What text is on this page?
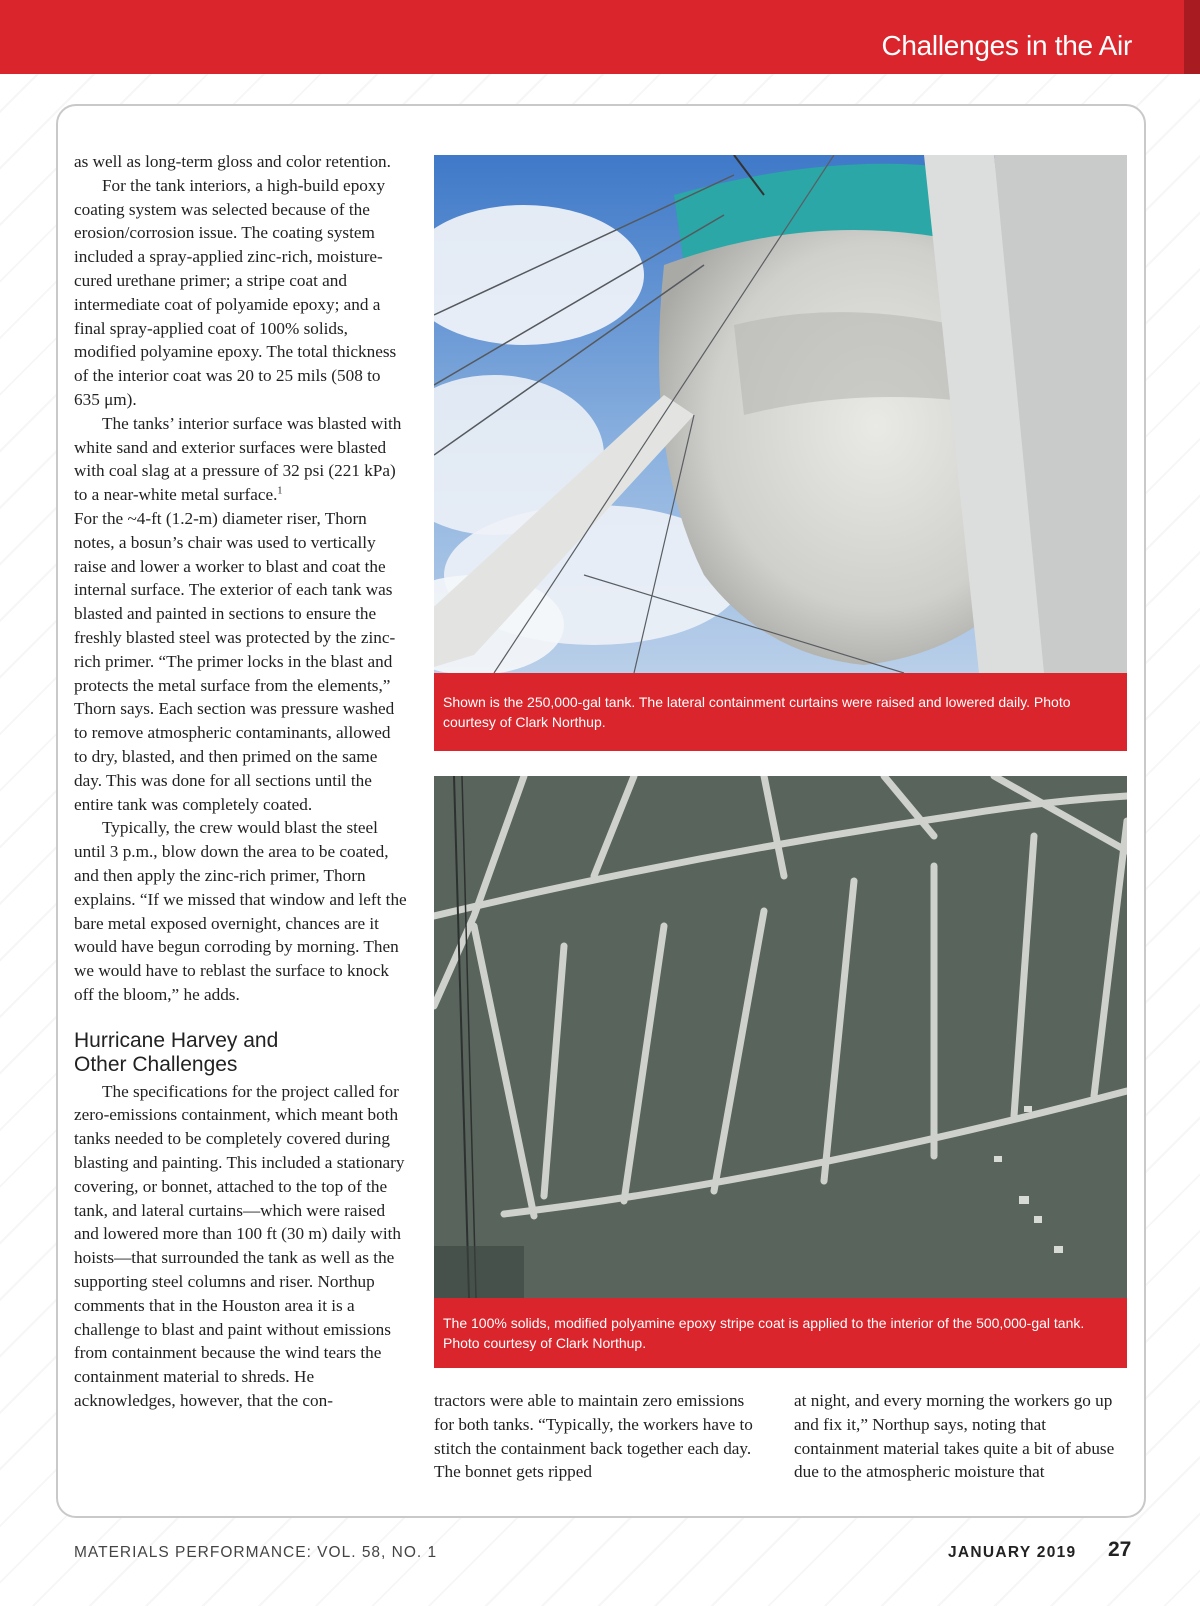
Challenges in the Air

as well as long-term gloss and color retention.

For the tank interiors, a high-build epoxy coating system was selected because of the erosion/corrosion issue. The coating system included a spray-applied zinc-rich, moisture-cured urethane primer; a stripe coat and intermediate coat of polyamide epoxy; and a final spray-applied coat of 100% solids, modified polyamine epoxy. The total thickness of the interior coat was 20 to 25 mils (508 to 635 μm).

The tanks’ interior surface was blasted with white sand and exterior surfaces were blasted with coal slag at a pressure of 32 psi (221 kPa) to a near-white metal surface.$^1$

For the ~4-ft (1.2-m) diameter riser, Thorn notes, a bosun’s chair was used to vertically raise and lower a worker to blast and coat the internal surface. The exterior of each tank was blasted and painted in sections to ensure the freshly blasted steel was protected by the zinc-rich primer. “The primer locks in the blast and protects the metal surface from the elements,” Thorn says. Each section was pressure washed to remove atmospheric contaminants, allowed to dry, blasted, and then primed on the same day. This was done for all sections until the entire tank was completely coated.

Typically, the crew would blast the steel until 3 p.m., blow down the area to be coated, and then apply the zinc-rich primer, Thorn explains. “If we missed that window and left the bare metal exposed overnight, chances are it would have begun corroding by morning. Then we would have to reblast the surface to knock off the bloom,” he adds.

Hurricane Harvey and
Other Challenges

The specifications for the project called for zero-emissions containment, which meant both tanks needed to be completely covered during blasting and painting. This included a stationary covering, or bonnet, attached to the top of the tank, and lateral curtains—which were raised and lowered more than 100 ft (30 m) daily with hoists—that surrounded the tank as well as the supporting steel columns and riser. Northup comments that in the Houston area it is a challenge to blast and paint without emissions from containment because the wind tears the containment material to shreds. He acknowledges, however, that the con-

Shown is the 250,000-gal tank. The lateral containment curtains were raised and lowered daily. Photo courtesy of Clark Northup.
The 100% solids, modified polyamine epoxy stripe coat is applied to the interior of the 500,000-gal tank. Photo courtesy of Clark Northup.

tractors were able to maintain zero emissions for both tanks. “Typically, the workers have to stitch the containment back together each day. The bonnet gets ripped

at night, and every morning the workers go up and fix it,” Northup says, noting that containment material takes quite a bit of abuse due to the atmospheric moisture that

MATERIALS PERFORMANCE: VOL. 58, NO. 1	JANUARY 2019 27
